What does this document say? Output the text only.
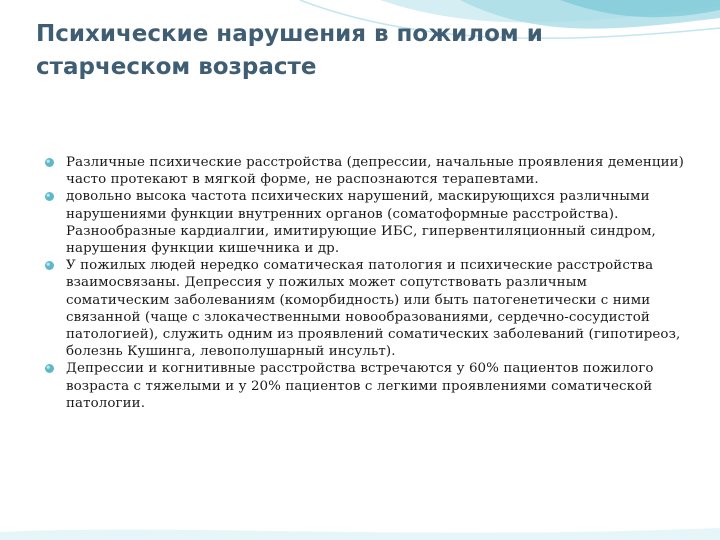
Психические нарушения в пожилом и
старческом возрасте
Различные психические расстройства (депрессии, начальные проявления деменции) часто протекают в мягкой форме, не распознаются терапевтами.
довольно высока частота психических нарушений, маскирующихся различными нарушениями функции внутренних органов (соматоформные расстройства). Разнообразные кардиалгии, имитирующие ИБС, гипервентиляционный синдром, нарушения функции кишечника и др.
У пожилых людей нередко соматическая патология и психические расстройства взаимосвязаны. Депрессия у пожилых может сопутствовать различным соматическим заболеваниям (коморбидность) или быть патогенетически с ними связанной (чаще с злокачественными новообразованиями, сердечно-сосудистой патологией), служить одним из проявлений соматических заболеваний (гипотиреоз, болезнь Кушинга, левополушарный инсульт).
Депрессии и когнитивные расстройства встречаются у 60% пациентов пожилого возраста с тяжелыми и у 20% пациентов с легкими проявлениями соматической патологии.
